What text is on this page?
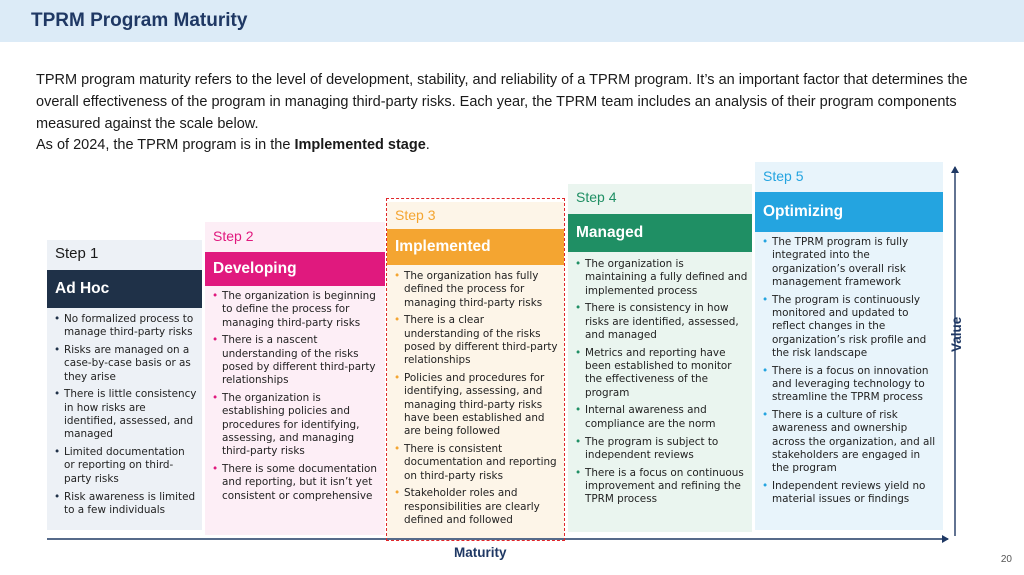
TPRM Program Maturity

TPRM program maturity refers to the level of development, stability, and reliability of a TPRM program. It’s an important factor that determines the overall effectiveness of the program in managing third-party risks. Each year, the TPRM team includes an analysis of their program components measured against the scale below.

As of 2024, the TPRM program is in the Implemented stage.

Maturity
Value
Step 1
Ad Hoc
• No formalized process to manage third-party risks
• Risks are managed on a case-by-case basis or as they arise
• There is little consistency in how risks are identified, assessed, and managed
• Limited documentation or reporting on third-party risks
• Risk awareness is limited to a few individuals
Step 2
Developing
• The organization is beginning to define the process for managing third-party risks
• There is a nascent understanding of the risks posed by different third-party relationships
• The organization is establishing policies and procedures for identifying, assessing, and managing third-party risks
• There is some documentation and reporting, but it isn’t yet consistent or comprehensive
Step 3
Implemented
• The organization has fully defined the process for managing third-party risks
• There is a clear understanding of the risks posed by different third-party relationships
• Policies and procedures for identifying, assessing, and managing third-party risks have been established and are being followed
• There is consistent documentation and reporting on third-party risks
• Stakeholder roles and responsibilities are clearly defined and followed
Step 4
Managed
• The organization is maintaining a fully defined and implemented process
• There is consistency in how risks are identified, assessed, and managed
• Metrics and reporting have been established to monitor the effectiveness of the program
• Internal awareness and compliance are the norm
• The program is subject to independent reviews
• There is a focus on continuous improvement and refining the TPRM process
Step 5
Optimizing
• The TPRM program is fully integrated into the organization’s overall risk management framework
• The program is continuously monitored and updated to reflect changes in the organization’s risk profile and the risk landscape
• There is a focus on innovation and leveraging technology to streamline the TPRM process
• There is a culture of risk awareness and ownership across the organization, and all stakeholders are engaged in the program
• Independent reviews yield no material issues or findings
20
